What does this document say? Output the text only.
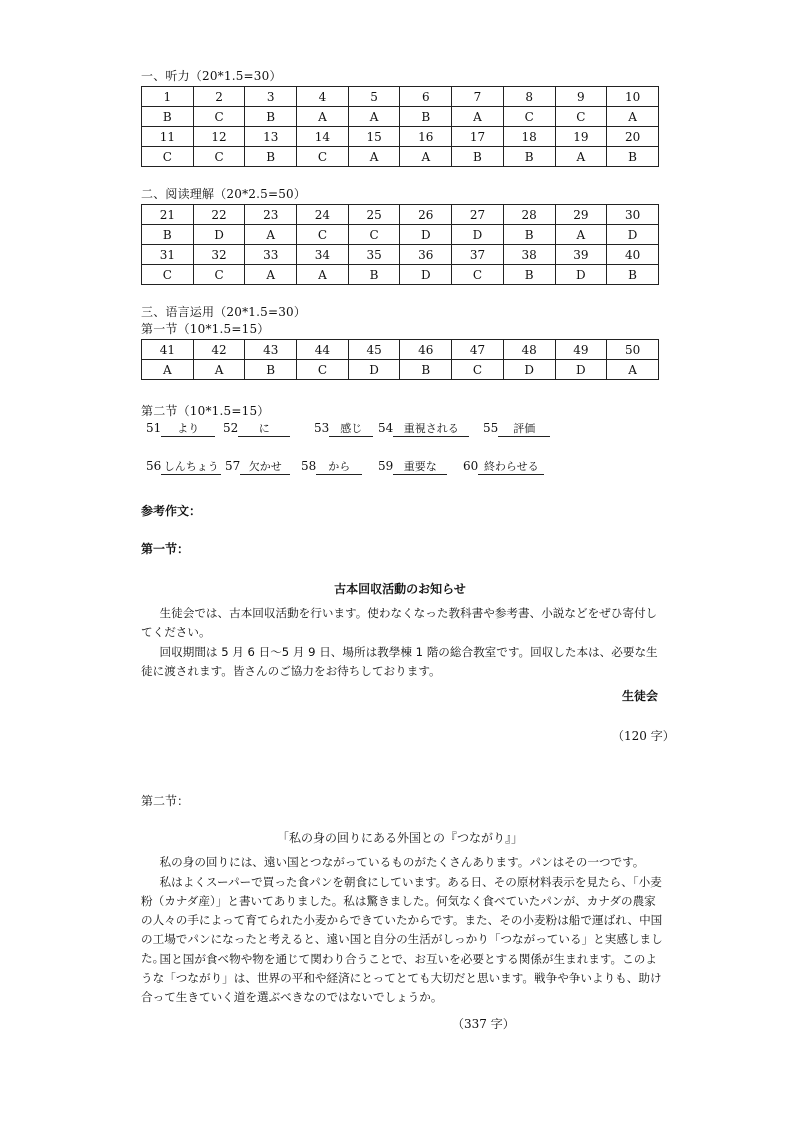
一、听力（20*1.5=30）
1	2	3	4	5	6	7	8	9	10
B	C	B	A	A	B	A	C	C	A
11	12	13	14	15	16	17	18	19	20
C	C	B	C	A	A	B	B	A	B
二、阅读理解（20*2.5=50）
21	22	23	24	25	26	27	28	29	30
B	D	A	C	C	D	D	B	A	D
31	32	33	34	35	36	37	38	39	40
C	C	A	A	B	D	C	B	D	B
三、语言运用（20*1.5=30）
第一节（10*1.5=15）
41	42	43	44	45	46	47	48	49	50
A	A	B	C	D	B	C	D	D	A
第二节（10*1.5=15）
51 より	52 に	53 感じ	54 重視される	55 評価
56 しんちょう 57 欠かせ	58 から	59 重要な	60 終わらせる
参考作文：
第一节：
古本回収活動のお知らせ

生徒会では、古本回収活動を行います。使わなくなった教科書や参考書、小説などをぜひ寄付してください。

回収期間は 5 月 6 日～5 月 9 日、場所は教學棟 1 階の総合教室です。回収した本は、必要な生徒に渡されます。皆さんのご協力をお待ちしております。

生徒会
（120 字）
第二节：
「私の身の回りにある外国との『つながり』」

私の身の回りには、遠い国とつながっているものがたくさんあります。パンはその一つです。

私はよくスーパーで買った食パンを朝食にしています。ある日、その原材料表示を見たら、「小麦粉（カナダ産）」と書いてありました。私は驚きました。何気なく食べていたパンが、カナダの農家の人々の手によって育てられた小麦からできていたからです。また、その小麦粉は船で運ばれ、中国の工場でパンになったと考えると、遠い国と自分の生活がしっかり「つながっている」と実感しました。

国と国が食べ物や物を通じて関わり合うことで、お互いを必要とする関係が生まれます。このような「つながり」は、世界の平和や経済にとってとても大切だと思います。戦争や争いよりも、助け合って生きていく道を選ぶべきなのではないでしょうか。

（337 字）
